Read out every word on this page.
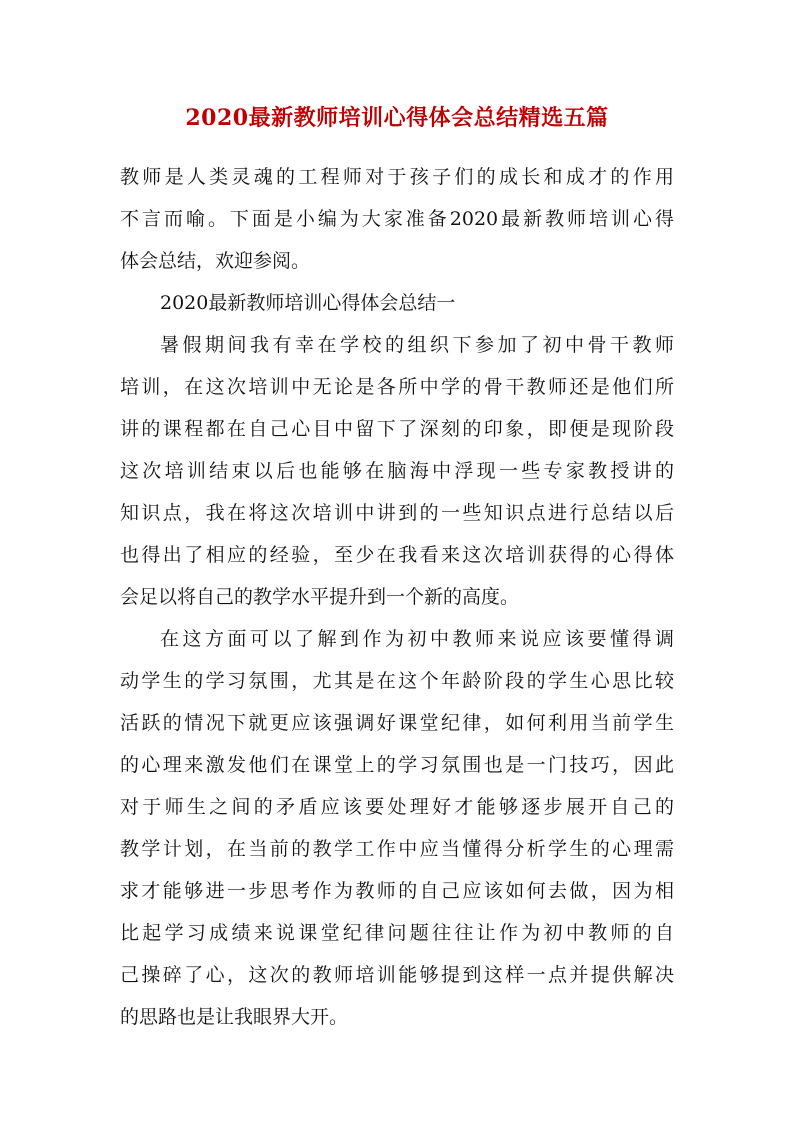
2020最新教师培训心得体会总结精选五篇
教师是人类灵魂的工程师对于孩子们的成长和成才的作用
不言而喻。下面是小编为大家准备2020最新教师培训心得
体会总结，欢迎参阅。
2020最新教师培训心得体会总结一
暑假期间我有幸在学校的组织下参加了初中骨干教师
培训，在这次培训中无论是各所中学的骨干教师还是他们所
讲的课程都在自己心目中留下了深刻的印象，即便是现阶段
这次培训结束以后也能够在脑海中浮现一些专家教授讲的
知识点，我在将这次培训中讲到的一些知识点进行总结以后
也得出了相应的经验，至少在我看来这次培训获得的心得体
会足以将自己的教学水平提升到一个新的高度。
在这方面可以了解到作为初中教师来说应该要懂得调
动学生的学习氛围，尤其是在这个年龄阶段的学生心思比较
活跃的情况下就更应该强调好课堂纪律，如何利用当前学生
的心理来激发他们在课堂上的学习氛围也是一门技巧，因此
对于师生之间的矛盾应该要处理好才能够逐步展开自己的
教学计划，在当前的教学工作中应当懂得分析学生的心理需
求才能够进一步思考作为教师的自己应该如何去做，因为相
比起学习成绩来说课堂纪律问题往往让作为初中教师的自
己操碎了心，这次的教师培训能够提到这样一点并提供解决
的思路也是让我眼界大开。
